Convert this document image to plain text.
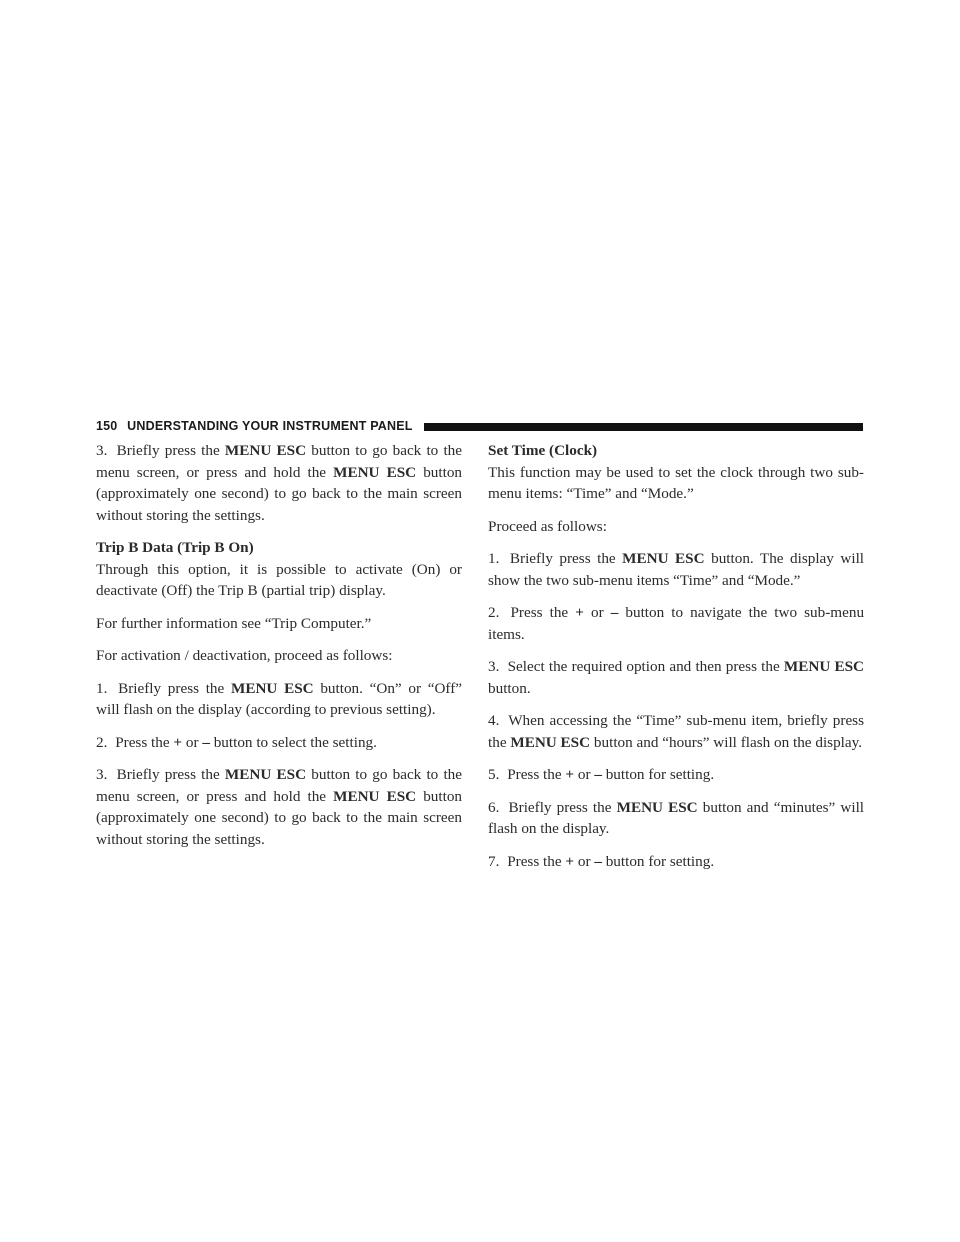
150 UNDERSTANDING YOUR INSTRUMENT PANEL

3. Briefly press the MENU ESC button to go back to the menu screen, or press and hold the MENU ESC button (approximately one second) to go back to the main screen without storing the settings.

Trip B Data (Trip B On)

Through this option, it is possible to activate (On) or deactivate (Off) the Trip B (partial trip) display.

For further information see “Trip Computer.”

For activation / deactivation, proceed as follows:

1. Briefly press the MENU ESC button. “On” or “Off” will flash on the display (according to previous setting).

2. Press the + or – button to select the setting.

3. Briefly press the MENU ESC button to go back to the menu screen, or press and hold the MENU ESC button (approximately one second) to go back to the main screen without storing the settings.

Set Time (Clock)

This function may be used to set the clock through two sub-menu items: “Time” and “Mode.”

Proceed as follows:

1. Briefly press the MENU ESC button. The display will show the two sub-menu items “Time” and “Mode.”

2. Press the + or – button to navigate the two sub-menu items.

3. Select the required option and then press the MENU ESC button.

4. When accessing the “Time” sub-menu item, briefly press the MENU ESC button and “hours” will flash on the display.

5. Press the + or – button for setting.

6. Briefly press the MENU ESC button and “minutes” will flash on the display.

7. Press the + or – button for setting.
